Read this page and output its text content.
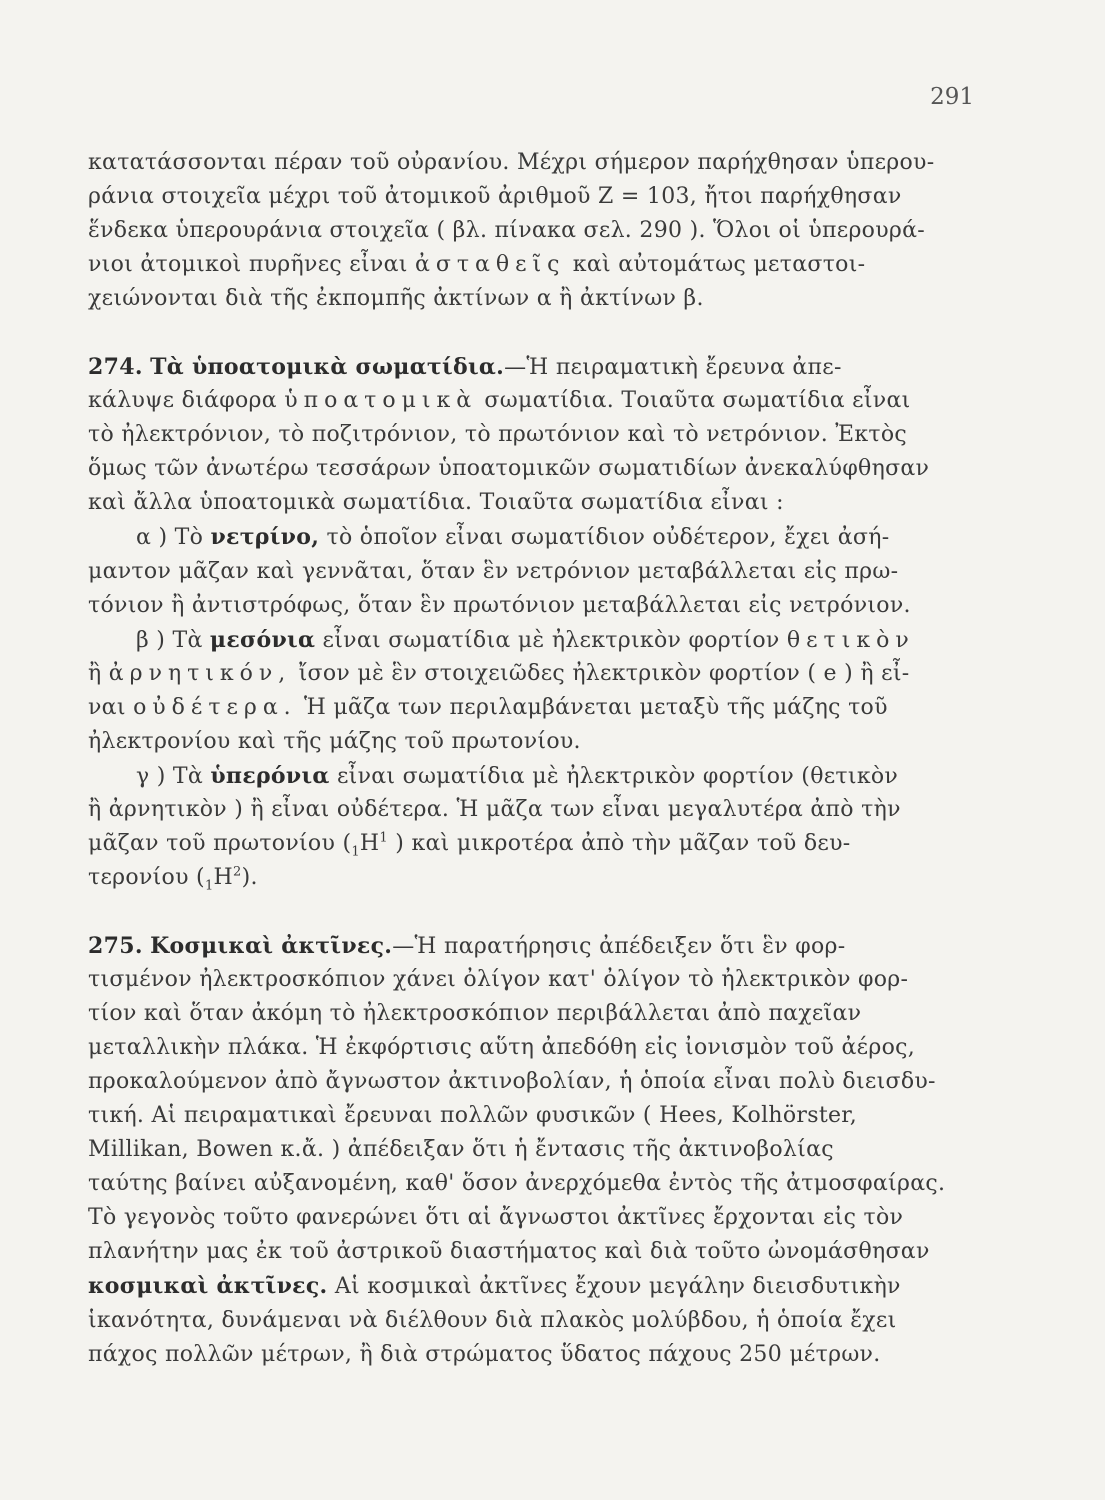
291
κατατάσσονται πέραν τοῦ οὐρανίου. Μέχρι σήμερον παρήχθησαν ὑπερου-
ράνια στοιχεῖα μέχρι τοῦ ἀτομικοῦ ἀριθμοῦ Ζ = 103, ἤτοι παρήχθησαν
ἕνδεκα ὑπερουράνια στοιχεῖα ( βλ. πίνακα σελ. 290 ). Ὅλοι οἱ ὑπερουρά-
νιοι ἀτομικοὶ πυρῆνες εἶναι ἀσταθεῖς καὶ αὐτομάτως μεταστοι-
χειώνονται διὰ τῆς ἐκπομπῆς ἀκτίνων α ἢ ἀκτίνων β.
274. Τὰ ὑποατομικὰ σωματίδια.—Ἡ πειραματικὴ ἔρευνα ἀπε-
κάλυψε διάφορα ὑποατομικὰ σωματίδια. Τοιαῦτα σωματίδια εἶναι
τὸ ἠλεκτρόνιον, τὸ ποζιτρόνιον, τὸ πρωτόνιον καὶ τὸ νετρόνιον. Ἐκτὸς
ὅμως τῶν ἀνωτέρω τεσσάρων ὑποατομικῶν σωματιδίων ἀνεκαλύφθησαν
καὶ ἄλλα ὑποατομικὰ σωματίδια. Τοιαῦτα σωματίδια εἶναι :
α ) Τὸ νετρίνο, τὸ ὁποῖον εἶναι σωματίδιον οὐδέτερον, ἔχει ἀσή-
μαντον μᾶζαν καὶ γεννᾶται, ὅταν ἓν νετρόνιον μεταβάλλεται εἰς πρω-
τόνιον ἢ ἀντιστρόφως, ὅταν ἓν πρωτόνιον μεταβάλλεται εἰς νετρόνιον.
β ) Τὰ μεσόνια εἶναι σωματίδια μὲ ἠλεκτρικὸν φορτίον θετικὸν
ἢ ἀρνητικόν, ἴσον μὲ ἓν στοιχειῶδες ἠλεκτρικὸν φορτίον ( e ) ἢ εἶ-
ναι οὐδέτερα. Ἡ μᾶζα των περιλαμβάνεται μεταξὺ τῆς μάζης τοῦ
ἠλεκτρονίου καὶ τῆς μάζης τοῦ πρωτονίου.
γ ) Τὰ ὑπερόνια εἶναι σωματίδια μὲ ἠλεκτρικὸν φορτίον (θετικὸν
ἢ ἀρνητικὸν ) ἢ εἶναι οὐδέτερα. Ἡ μᾶζα των εἶναι μεγαλυτέρα ἀπὸ τὴν
μᾶζαν τοῦ πρωτονίου ($_1H^1$ ) καὶ μικροτέρα ἀπὸ τὴν μᾶζαν τοῦ δευ-
τερονίου $(_1H^2)$.
275. Κοσμικαὶ ἀκτῖνες.—Ἡ παρατήρησις ἀπέδειξεν ὅτι ἓν φορ-
τισμένον ἠλεκτροσκόπιον χάνει ὀλίγον κατ' ὀλίγον τὸ ἠλεκτρικὸν φορ-
τίον καὶ ὅταν ἀκόμη τὸ ἠλεκτροσκόπιον περιβάλλεται ἀπὸ παχεῖαν
μεταλλικὴν πλάκα. Ἡ ἐκφόρτισις αὕτη ἀπεδόθη εἰς ἰονισμὸν τοῦ ἀέρος,
προκαλούμενον ἀπὸ ἄγνωστον ἀκτινοβολίαν, ἡ ὁποία εἶναι πολὺ διεισδυ-
τική. Αἱ πειραματικαὶ ἔρευναι πολλῶν φυσικῶν ( Hees, Kolhörster,
Millikan, Bowen κ.ἄ. ) ἀπέδειξαν ὅτι ἡ ἔντασις τῆς ἀκτινοβολίας
ταύτης βαίνει αὐξανομένη, καθ' ὅσον ἀνερχόμεθα ἐντὸς τῆς ἀτμοσφαίρας.
Τὸ γεγονὸς τοῦτο φανερώνει ὅτι αἱ ἄγνωστοι ἀκτῖνες ἔρχονται εἰς τὸν
πλανήτην μας ἐκ τοῦ ἀστρικοῦ διαστήματος καὶ διὰ τοῦτο ὠνομάσθησαν
κοσμικαὶ ἀκτῖνες. Αἱ κοσμικαὶ ἀκτῖνες ἔχουν μεγάλην διεισδυτικὴν
ἱκανότητα, δυνάμεναι νὰ διέλθουν διὰ πλακὸς μολύβδου, ἡ ὁποία ἔχει
πάχος πολλῶν μέτρων, ἢ διὰ στρώματος ὕδατος πάχους 250 μέτρων.
